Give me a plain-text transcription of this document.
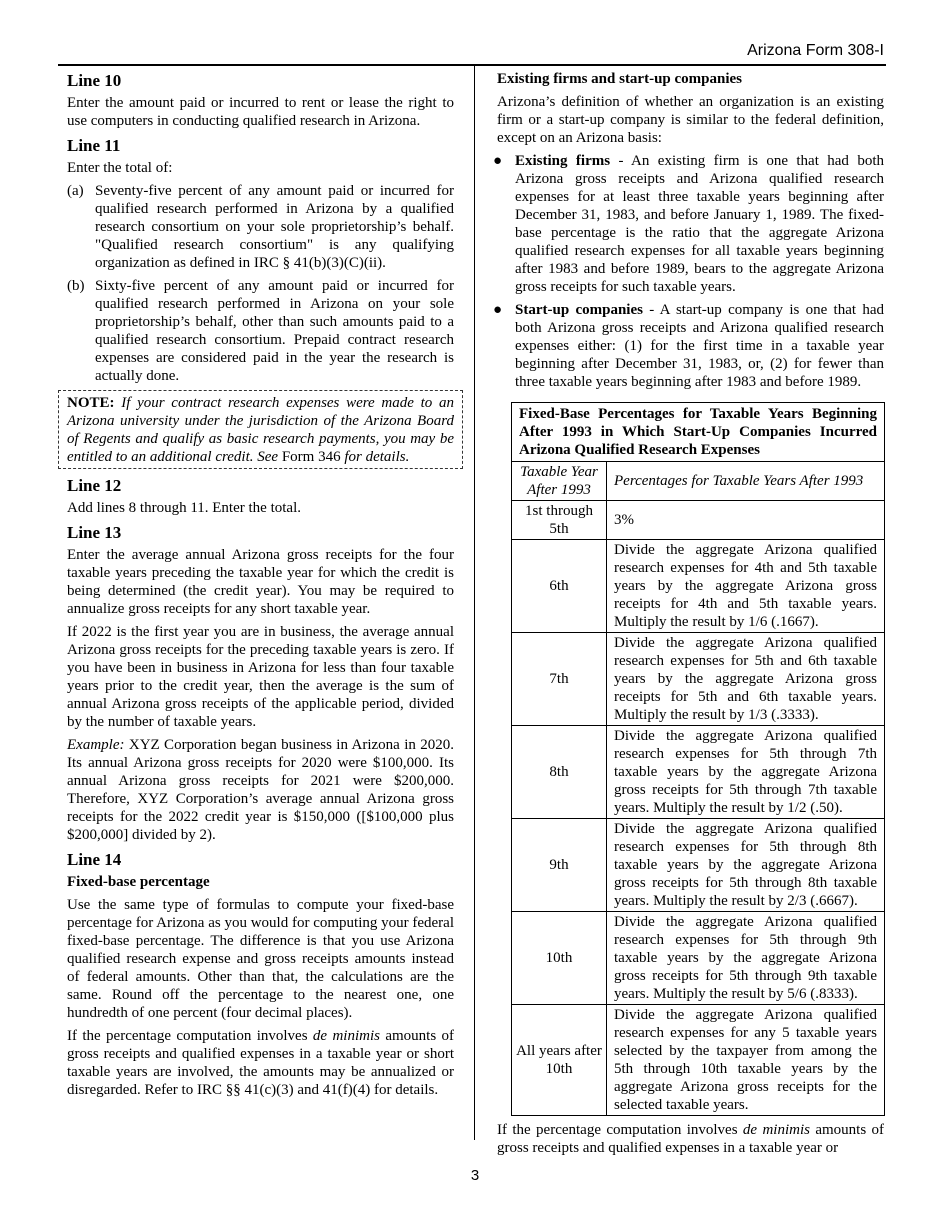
Arizona Form 308-I
Line 10

Enter the amount paid or incurred to rent or lease the right to use computers in conducting qualified research in Arizona.

Line 11

Enter the total of:

(a) Seventy-five percent of any amount paid or incurred for qualified research performed in Arizona by a qualified research consortium on your sole proprietorship’s behalf. "Qualified research consortium" is any qualifying organization as defined in IRC § 41(b)(3)(C)(ii).
(b) Sixty-five percent of any amount paid or incurred for qualified research performed in Arizona on your sole proprietorship’s behalf, other than such amounts paid to a qualified research consortium. Prepaid contract research expenses are considered paid in the year the research is actually done.
NOTE: If your contract research expenses were made to an Arizona university under the jurisdiction of the Arizona Board of Regents and qualify as basic research payments, you may be entitled to an additional credit. See Form 346 for details.
Line 12

Add lines 8 through 11. Enter the total.

Line 13

Enter the average annual Arizona gross receipts for the four taxable years preceding the taxable year for which the credit is being determined (the credit year). You may be required to annualize gross receipts for any short taxable year.

If 2022 is the first year you are in business, the average annual Arizona gross receipts for the preceding taxable years is zero. If you have been in business in Arizona for less than four taxable years prior to the credit year, then the average is the sum of annual Arizona gross receipts of the applicable period, divided by the number of taxable years.

Example: XYZ Corporation began business in Arizona in 2020. Its annual Arizona gross receipts for 2020 were $100,000. Its annual Arizona gross receipts for 2021 were $200,000. Therefore, XYZ Corporation’s average annual Arizona gross receipts for the 2022 credit year is $150,000 ([$100,000 plus $200,000] divided by 2).

Line 14
Fixed-base percentage

Use the same type of formulas to compute your fixed-base percentage for Arizona as you would for computing your federal fixed-base percentage. The difference is that you use Arizona qualified research expense and gross receipts amounts instead of federal amounts. Other than that, the calculations are the same. Round off the percentage to the nearest one, one hundredth of one percent (four decimal places).

If the percentage computation involves de minimis amounts of gross receipts and qualified expenses in a taxable year or short taxable years are involved, the amounts may be annualized or disregarded. Refer to IRC §§ 41(c)(3) and 41(f)(4) for details.

Existing firms and start-up companies

Arizona’s definition of whether an organization is an existing firm or a start-up company is similar to the federal definition, except on an Arizona basis:

● Existing firms - An existing firm is one that had both Arizona gross receipts and Arizona qualified research expenses for at least three taxable years beginning after December 31, 1983, and before January 1, 1989. The fixed-base percentage is the ratio that the aggregate Arizona qualified research expenses for all taxable years beginning after 1983 and before 1989, bears to the aggregate Arizona gross receipts for such taxable years.
● Start-up companies - A start-up company is one that had both Arizona gross receipts and Arizona qualified research expenses either: (1) for the first time in a taxable year beginning after December 31, 1983, or, (2) for fewer than three taxable years beginning after 1983 and before 1989.
Fixed-Base Percentages for Taxable Years Beginning After 1993 in Which Start-Up Companies Incurred Arizona Qualified Research Expenses	
Taxable Year After 1993	Percentages for Taxable Years After 1993
1st through 5th	3%
6th	Divide the aggregate Arizona qualified research expenses for 4th and 5th taxable years by the aggregate Arizona gross receipts for 4th and 5th taxable years. Multiply the result by 1/6 (.1667).
7th	Divide the aggregate Arizona qualified research expenses for 5th and 6th taxable years by the aggregate Arizona gross receipts for 5th and 6th taxable years. Multiply the result by 1/3 (.3333).
8th	Divide the aggregate Arizona qualified research expenses for 5th through 7th taxable years by the aggregate Arizona gross receipts for 5th through 7th taxable years. Multiply the result by 1/2 (.50).
9th	Divide the aggregate Arizona qualified research expenses for 5th through 8th taxable years by the aggregate Arizona gross receipts for 5th through 8th taxable years. Multiply the result by 2/3 (.6667).
10th	Divide the aggregate Arizona qualified research expenses for 5th through 9th taxable years by the aggregate Arizona gross receipts for 5th through 9th taxable years. Multiply the result by 5/6 (.8333).
All years after 10th	Divide the aggregate Arizona qualified research expenses for any 5 taxable years selected by the taxpayer from among the 5th through 10th taxable years by the aggregate Arizona gross receipts for the selected taxable years.

If the percentage computation involves de minimis amounts of gross receipts and qualified expenses in a taxable year or

3
